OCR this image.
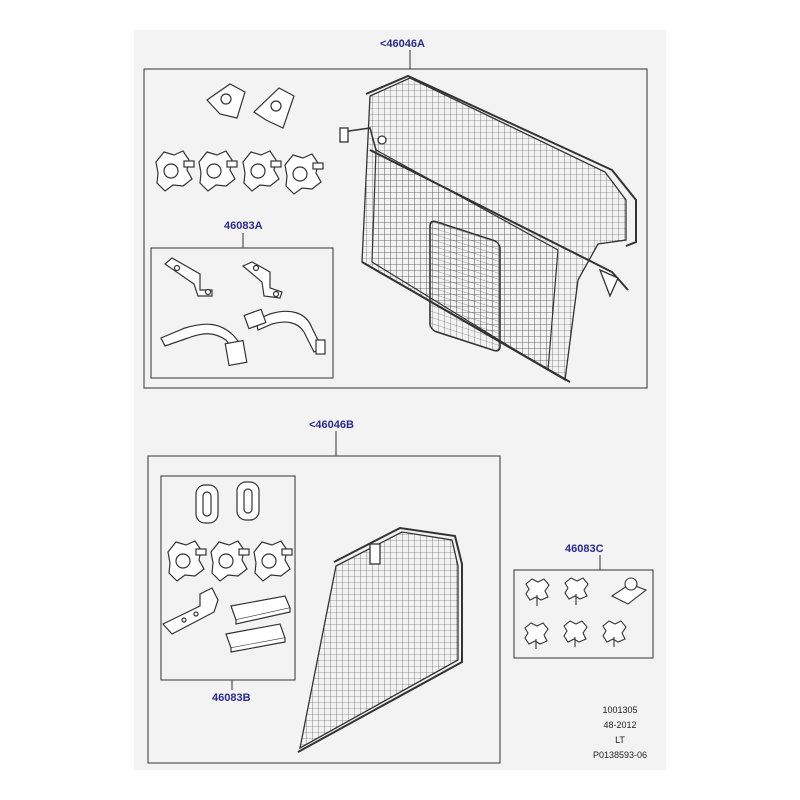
<46046A
46083A
<46046B
46083B
46083C
1001305
48-2012
LT
P0138593-06
